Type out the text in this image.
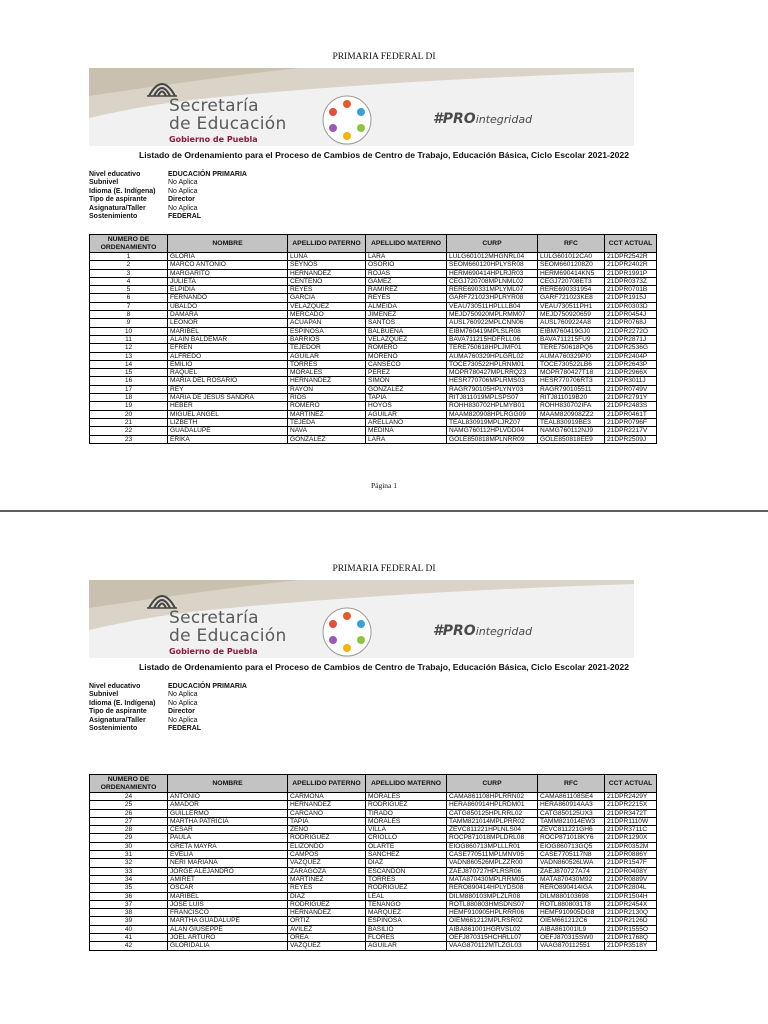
PRIMARIA FEDERAL DI
Secretaría
de Educación
Gobierno de Puebla
#PROintegridad
Listado de Ordenamiento para el Proceso de Cambios de Centro de Trabajo, Educación Básica, Ciclo Escolar 2021-2022
Nivel educativo	EDUCACIÓN PRIMARIA
Subnivel	No Aplica
Idioma (E. Indígena)	No Aplica
Tipo de aspirante	Director
Asignatura/Taller	No Aplica
Sostenimiento	FEDERAL
NUMERO DE ORDENAMIENTO	NOMBRE	APELLIDO PATERNO	APELLIDO MATERNO	CURP	RFC	CCT ACTUAL
1	GLORIA	LUNA	LARA	LULG601012MHGNRL04	LULG601012CA0	21DPR2542R
2	MARCO ANTONIO	SEYNOS	OSORIO	SEOM660120HPLYSR08	SEOM6601208Z0	21DPR2402R
3	MARGARITO	HERNANDEZ	ROJAS	HERM690414HPLRJR03	HERM690414KN5	21DPR1991P
4	JULIETA	CENTENO	GAMEZ	CEGJ720708MPLNML02	CEGJ720708ET3	21DPR0373Z
5	ELPIDIA	REYES	RAMIREZ	RERE690331MPLYML07	RERE690331954	21DPR0701B
6	FERNANDO	GARCIA	REYES	GARF721023HPLRYR08	GARF721023KE8	21DPR1915J
7	UBALDO	VELAZQUEZ	ALMEIDA	VEAU730511HPLLLB04	VEAU730511PH1	21DPR0303D
8	DAMARA	MERCADO	JIMENEZ	MEJD750920MPLRMM07	MEJD750920659	21DPR0454J
9	LEONOR	ACUAPAN	SANTOS	AUSL760922MPLCNN06	AUSL7609224A8	21DPR0768J
10	MARIBEL	ESPINOSA	BALBUENA	EIBM760419MPLSLR08	EIBM760419GJ0	21DPR2272O
11	ALAIN BALDEMAR	BARRIOS	VELAZQUEZ	BAVA711215HDFRLL06	BAVA711215FU9	21DPR2871J
12	EFREN	TEJEDOR	ROMERO	TERE750618HPLJMF01	TERE750618PQ6	21DPR2536G
13	ALFREDO	AGUILAR	MORENO	AUMA760329HPLGRL02	AUMA760329PI0	21DPR2404P
14	EMILIO	TORRES	CANSECO	TOCE730522HPLRNM01	TOCE730522LB6	21DPR2643P
15	RAQUEL	MORALES	PEREZ	MOPR780427MPLRRQ23	MOPR780427T18	21DPR2966X
16	MARIA DEL ROSARIO	HERNANDEZ	SIMON	HESR770706MPLRMS03	HESR770706RT3	21DPR3011J
17	REY	RAYON	GONZALEZ	RAGR790105HPLYNY03	RAGR790105511	21DPR0749V
18	MARIA DE JESUS SANDRA	RIOS	TAPIA	RITJ811019MPLSPS07	RITJ811019B20	21DPR2791Y
19	HEBER	ROMERO	HOYOS	ROHH830702HPLMYB01	ROHH830702IFA	21DPR2483S
20	MIGUEL ANGEL	MARTINEZ	AGUILAR	MAAM820908HPLRGG09	MAAM820908ZZ2	21DPR0461T
21	LIZBETH	TEJEDA	ARELLANO	TEAL830919MPLJRZ07	TEAL830919BE3	21DPR0796F
22	GUADALUPE	NAVA	MEDINA	NAMG760112HPLVDD04	NAMG760112NJ9	21DPR2217V
23	ERIKA	GONZALEZ	LARA	GOLE850818MPLNRR09	GOLE850818EE9	21DPR2509J
Página 1
PRIMARIA FEDERAL DI
Secretaría
de Educación
Gobierno de Puebla
#PROintegridad
Listado de Ordenamiento para el Proceso de Cambios de Centro de Trabajo, Educación Básica, Ciclo Escolar 2021-2022
Nivel educativo	EDUCACIÓN PRIMARIA
Subnivel	No Aplica
Idioma (E. Indígena)	No Aplica
Tipo de aspirante	Director
Asignatura/Taller	No Aplica
Sostenimiento	FEDERAL
NUMERO DE ORDENAMIENTO	NOMBRE	APELLIDO PATERNO	APELLIDO MATERNO	CURP	RFC	CCT ACTUAL
24	ANTONIO	CARMONA	MORALES	CAMA861108HPLRRN02	CAMA861108SE4	21DPR2429Y
25	AMADOR	HERNANDEZ	RODRIGUEZ	HERA860914HPLRDM01	HERA860914AA3	21DPR2215X
26	GUILLERMO	CARCAÑO	TIRADO	CATG850125HPLRRL02	CATG850125UX3	21DPR3472T
27	MARTHA PATRICIA	TAPIA	MORALES	TAMM821014MPLPRR02	TAMM821014EW3	21DPR1110W
28	CESAR	ZENO	VILLA	ZEVC811221HPLNLS04	ZEVC811221GH6	21DPR3711C
29	PAULA	RODRIGUEZ	CRIOLLO	ROCP871018MPLDRL08	ROCP871018KY6	21DPR1290X
30	GRETA MAYRA	ELIZONDO	OLARTE	EIOG860713MPLLLR01	EIOG860713GQ5	21DPR0352M
31	EVELIA	CAMPOS	SANCHEZ	CASE770511MPLMNV05	CASE7705117N8	21DPR0886Y
32	NERI MARIANA	VAZQUEZ	DIAZ	VADN860526MPLZZR00	VADN860526LWA	21DPR1547F
33	JORGE ALEJANDRO	ZARAGOZA	ESCANDON	ZAEJ870727HPLRSR06	ZAEJ870727A74	21DPR0408Y
34	AMIRET	MARTINEZ	TORRES	MATA870430MPLRRM05	MATA870430M92	21DPR0889V
35	OSCAR	REYES	RODRIGUEZ	RERO890414HPLYDS08	RERO890414IGA	21DPR2804L
36	MARIBEL	DIAZ	LEAL	DILM880103MPLZLR08	DILM880103698	21DPR1504H
37	JOSE LUIS	RODRIGUEZ	TENANGO	ROTL880803HMSDNS07	ROTL8808031T8	21DPR2454X
38	FRANCISCO	HERNANDEZ	MARQUEZ	HEMF910905HPLRRR06	HEMF910905DG8	21DPR2130Q
39	MARTHA GUADALUPE	ORTIZ	ESPINOSA	OIEM661212MPLRSR02	OIEM661212C6	21DPR2126D
40	ALAN GIUSEPPE	AVILEZ	BASILIO	AIBA861001HGRVSL02	AIBA861001IL9	21DPR1555O
41	JOEL ARTURO	OREA	FLORES	OEFJ870315HCHRLL07	OEFJ870315SW0	21DPR1768Q
42	GLORIDALIA	VAZQUEZ	AGUILAR	VAAG870112MTLZGL03	VAAG870112551	21DPR3518Y
